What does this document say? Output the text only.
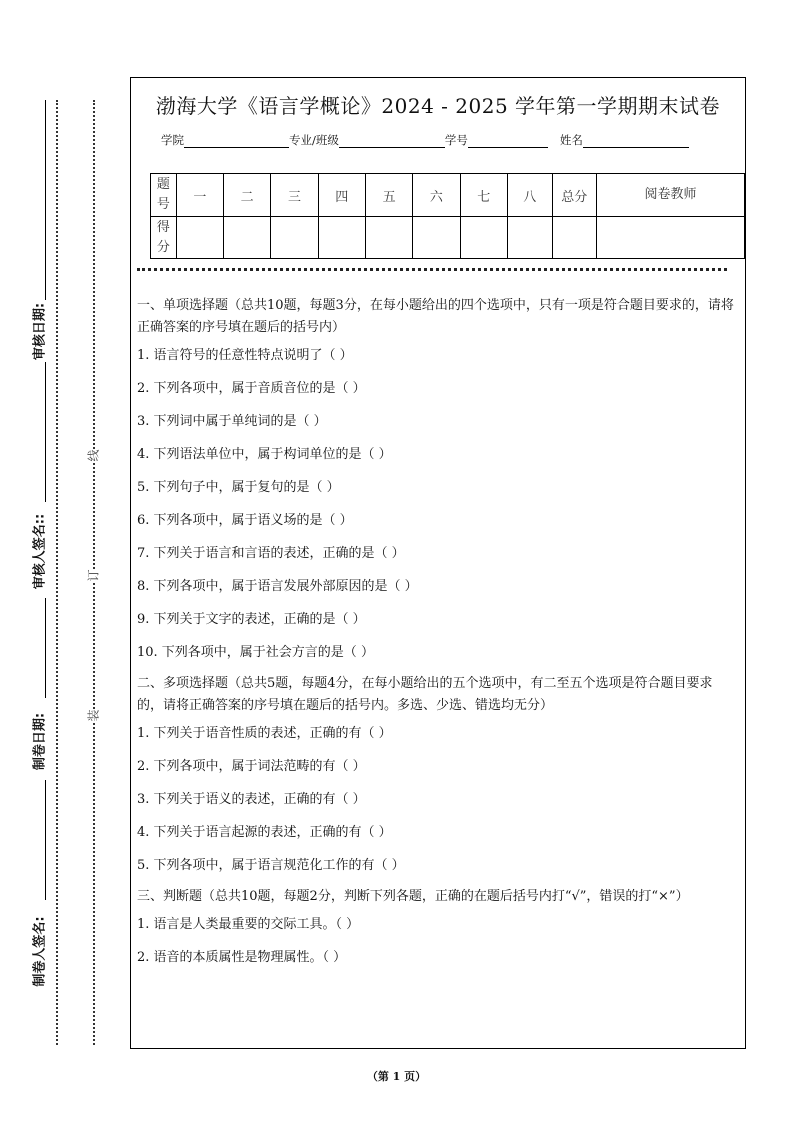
审核日期:
审核人签名::
制卷日期:
制卷人签名:
线
订
装
渤海大学《语言学概论》2024 - 2025 学年第一学期期末试卷
学院	专业/班级	学号	姓名
题号	一	二	三	四	五	六	七	八	总分	阅卷教师
得分										
一、单项选择题（总共10题，每题3分，在每小题给出的四个选项中，只有一项是符合题目要求的，请将正确答案的序号填在题后的括号内）
1. 语言符号的任意性特点说明了（ ）
2. 下列各项中，属于音质音位的是（ ）
3. 下列词中属于单纯词的是（ ）
4. 下列语法单位中，属于构词单位的是（ ）
5. 下列句子中，属于复句的是（ ）
6. 下列各项中，属于语义场的是（ ）
7. 下列关于语言和言语的表述，正确的是（ ）
8. 下列各项中，属于语言发展外部原因的是（ ）
9. 下列关于文字的表述，正确的是（ ）
10. 下列各项中，属于社会方言的是（ ）
二、多项选择题（总共5题，每题4分，在每小题给出的五个选项中，有二至五个选项是符合题目要求的，请将正确答案的序号填在题后的括号内。多选、少选、错选均无分）
1. 下列关于语音性质的表述，正确的有（ ）
2. 下列各项中，属于词法范畴的有（ ）
3. 下列关于语义的表述，正确的有（ ）
4. 下列关于语言起源的表述，正确的有（ ）
5. 下列各项中，属于语言规范化工作的有（ ）
三、判断题（总共10题，每题2分，判断下列各题，正确的在题后括号内打“√”，错误的打“×”）
1. 语言是人类最重要的交际工具。（ ）
2. 语音的本质属性是物理属性。（ ）
（第 1 页）
